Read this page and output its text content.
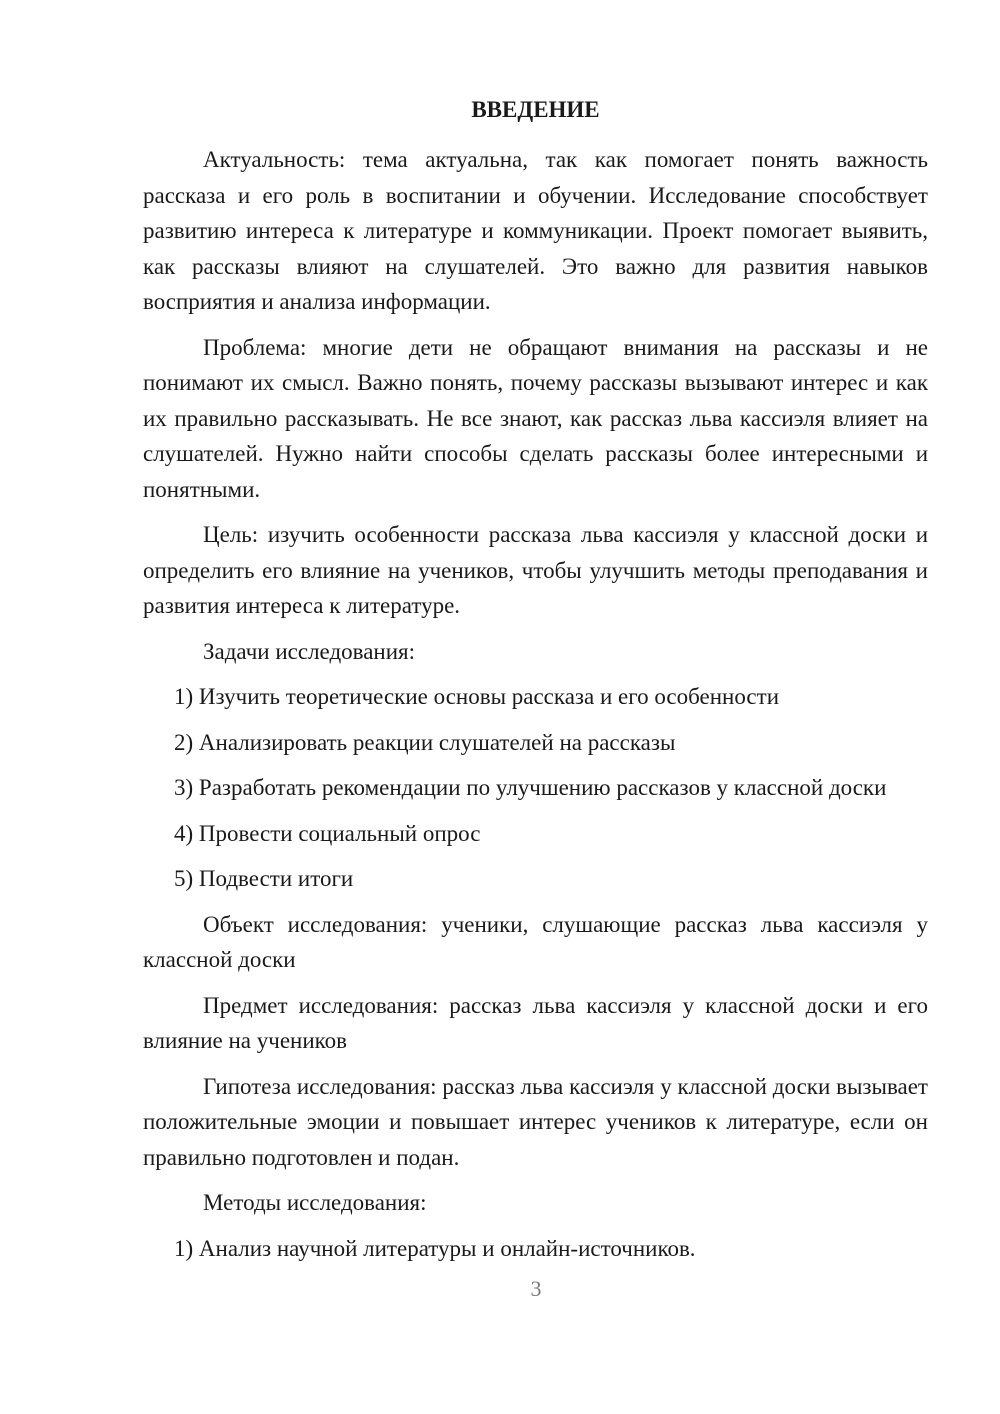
ВВЕДЕНИЕ

Актуальность: тема актуальна, так как помогает понять важность рассказа и его роль в воспитании и обучении. Исследование способствует развитию интереса к литературе и коммуникации. Проект помогает выявить, как рассказы влияют на слушателей. Это важно для развития навыков восприятия и анализа информации.

Проблема: многие дети не обращают внимания на рассказы и не понимают их смысл. Важно понять, почему рассказы вызывают интерес и как их правильно рассказывать. Не все знают, как рассказ льва кассиэля влияет на слушателей. Нужно найти способы сделать рассказы более интересными и понятными.

Цель: изучить особенности рассказа льва кассиэля у классной доски и определить его влияние на учеников, чтобы улучшить методы преподавания и развития интереса к литературе.

Задачи исследования:

1) Изучить теоретические основы рассказа и его особенности

2) Анализировать реакции слушателей на рассказы

3) Разработать рекомендации по улучшению рассказов у классной доски

4) Провести социальный опрос

5) Подвести итоги

Объект исследования: ученики, слушающие рассказ льва кассиэля у классной доски

Предмет исследования: рассказ льва кассиэля у классной доски и его влияние на учеников

Гипотеза исследования: рассказ льва кассиэля у классной доски вызывает положительные эмоции и повышает интерес учеников к литературе, если он правильно подготовлен и подан.

Методы исследования:

1) Анализ научной литературы и онлайн-источников.

3
